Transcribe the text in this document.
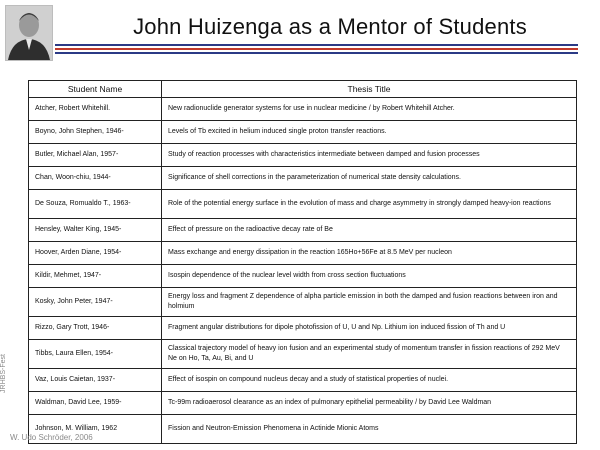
John Huizenga as a Mentor of Students
Student Name	Thesis Title
Atcher, Robert Whitehill.	New radionuclide generator systems for use in nuclear medicine / by Robert Whitehill Atcher.
Boyno, John Stephen, 1946-	Levels of Tb excited in helium induced single proton transfer reactions.
Butler, Michael Alan, 1957-	Study of reaction processes with characteristics intermediate between damped and fusion processes
Chan, Woon-chiu, 1944-	Significance of shell corrections in the parameterization of numerical state density calculations.
De Souza, Romualdo T., 1963-	Role of the potential energy surface in the evolution of mass and charge asymmetry in strongly damped heavy-ion reactions
Hensley, Walter King, 1945-	Effect of pressure on the radioactive decay rate of Be
Hoover, Arden Diane, 1954-	Mass exchange and energy dissipation in the reaction 165Ho+56Fe at 8.5 MeV per nucleon
Kildir, Mehmet, 1947-	Isospin dependence of the nuclear level width from cross section fluctuations
Kosky, John Peter, 1947-	Energy loss and fragment Z dependence of alpha particle emission in both the damped and fusion reactions between iron and holmium
Rizzo, Gary Trott, 1946-	Fragment angular distributions for dipole photofission of U, U and Np. Lithium ion induced fission of Th and U
Tibbs, Laura Ellen, 1954-	Classical trajectory model of heavy ion fusion and an experimental study of momentum transfer in fission reactions of 292 MeV Ne on Ho, Ta, Au, Bi, and U
Vaz, Louis Caietan, 1937-	Effect of isospin on compound nucleus decay and a study of statistical properties of nuclei.
Waldman, David Lee, 1959-	Tc-99m radioaerosol clearance as an index of pulmonary epithelial permeability / by David Lee Waldman
Johnson, M. William, 1962	Fission and Neutron-Emission Phenomena in Actinide Mionic Atoms
JRHBS-Fest
W. Udo Schröder, 2006
